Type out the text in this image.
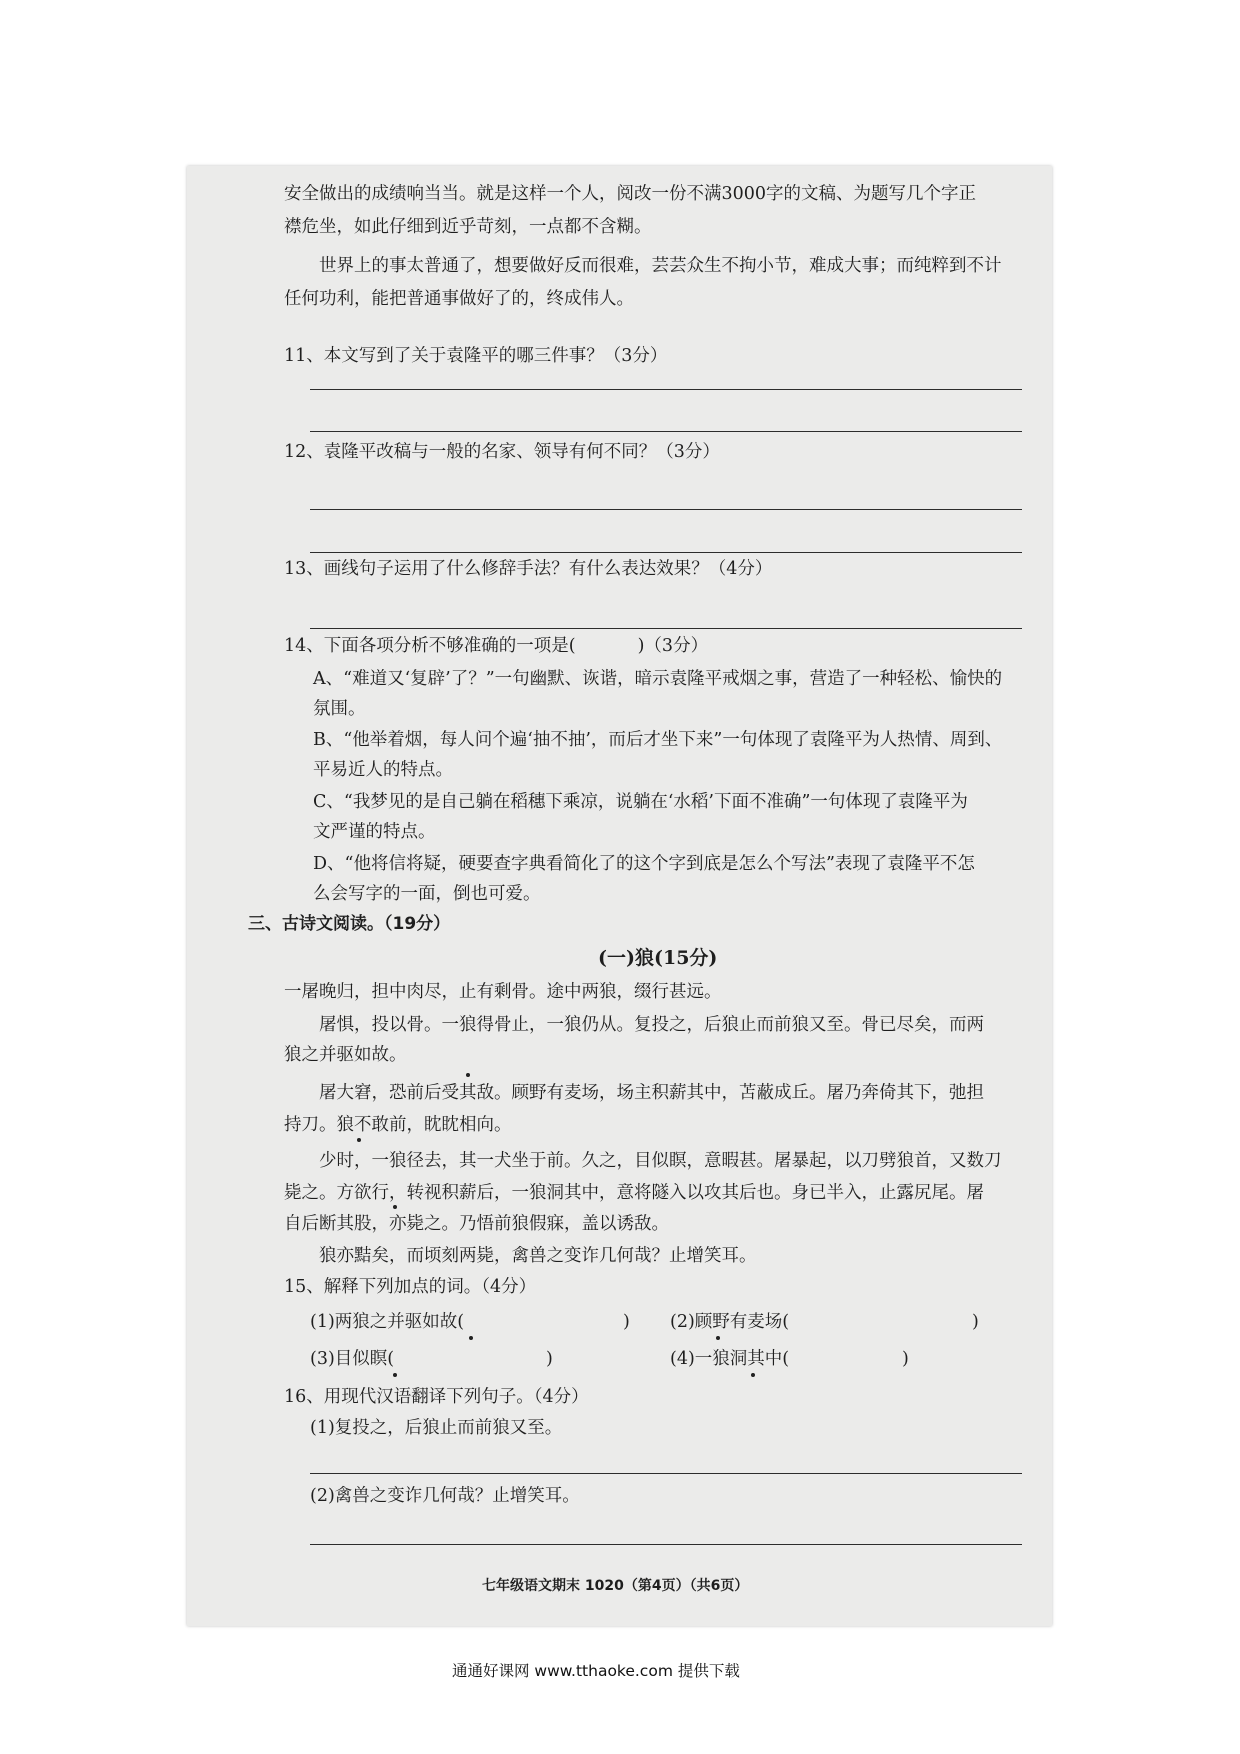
安全做出的成绩响当当。就是这样一个人，阅改一份不满3000字的文稿、为题写几个字正
襟危坐，如此仔细到近乎苛刻，一点都不含糊。
世界上的事太普通了，想要做好反而很难，芸芸众生不拘小节，难成大事；而纯粹到不计
任何功利，能把普通事做好了的，终成伟人。
11、本文写到了关于袁隆平的哪三件事？（3分）
12、袁隆平改稿与一般的名家、领导有何不同？（3分）
13、画线句子运用了什么修辞手法？有什么表达效果？（4分）
14、下面各项分析不够准确的一项是(	)（3分）
A、“难道又‘复辟’了？”一句幽默、诙谐，暗示袁隆平戒烟之事，营造了一种轻松、愉快的
氛围。
B、“他举着烟，每人问个遍‘抽不抽’，而后才坐下来”一句体现了袁隆平为人热情、周到、
平易近人的特点。
C、“我梦见的是自己躺在稻穗下乘凉，说躺在‘水稻’下面不准确”一句体现了袁隆平为
文严谨的特点。
D、“他将信将疑，硬要查字典看简化了的这个字到底是怎么个写法”表现了袁隆平不怎
么会写字的一面，倒也可爱。
三、古诗文阅读。（19分）
(一)狼(15分)
一屠晚归，担中肉尽，止有剩骨。途中两狼，缀行甚远。
屠惧，投以骨。一狼得骨止，一狼仍从。复投之，后狼止而前狼又至。骨已尽矣，而两
狼之并驱如故。
屠大窘，恐前后受其敌。顾野有麦场，场主积薪其中，苫蔽成丘。屠乃奔倚其下，弛担
持刀。狼不敢前，眈眈相向。
少时，一狼径去，其一犬坐于前。久之，目似瞑，意暇甚。屠暴起，以刀劈狼首，又数刀
毙之。方欲行，转视积薪后，一狼洞其中，意将隧入以攻其后也。身已半入，止露尻尾。屠
自后断其股，亦毙之。乃悟前狼假寐，盖以诱敌。
狼亦黠矣，而顷刻两毙，禽兽之变诈几何哉？止增笑耳。
15、解释下列加点的词。（4分）
(1)两狼之并驱如故(	) (2)顾野有麦场(	)
(3)目似瞑(	)	(4)一狼洞其中(	)
16、用现代汉语翻译下列句子。（4分）
(1)复投之，后狼止而前狼又至。
(2)禽兽之变诈几何哉？止增笑耳。
七年级语文期末 1020（第4页）（共6页）
通通好课网 www.tthaoke.com 提供下载
